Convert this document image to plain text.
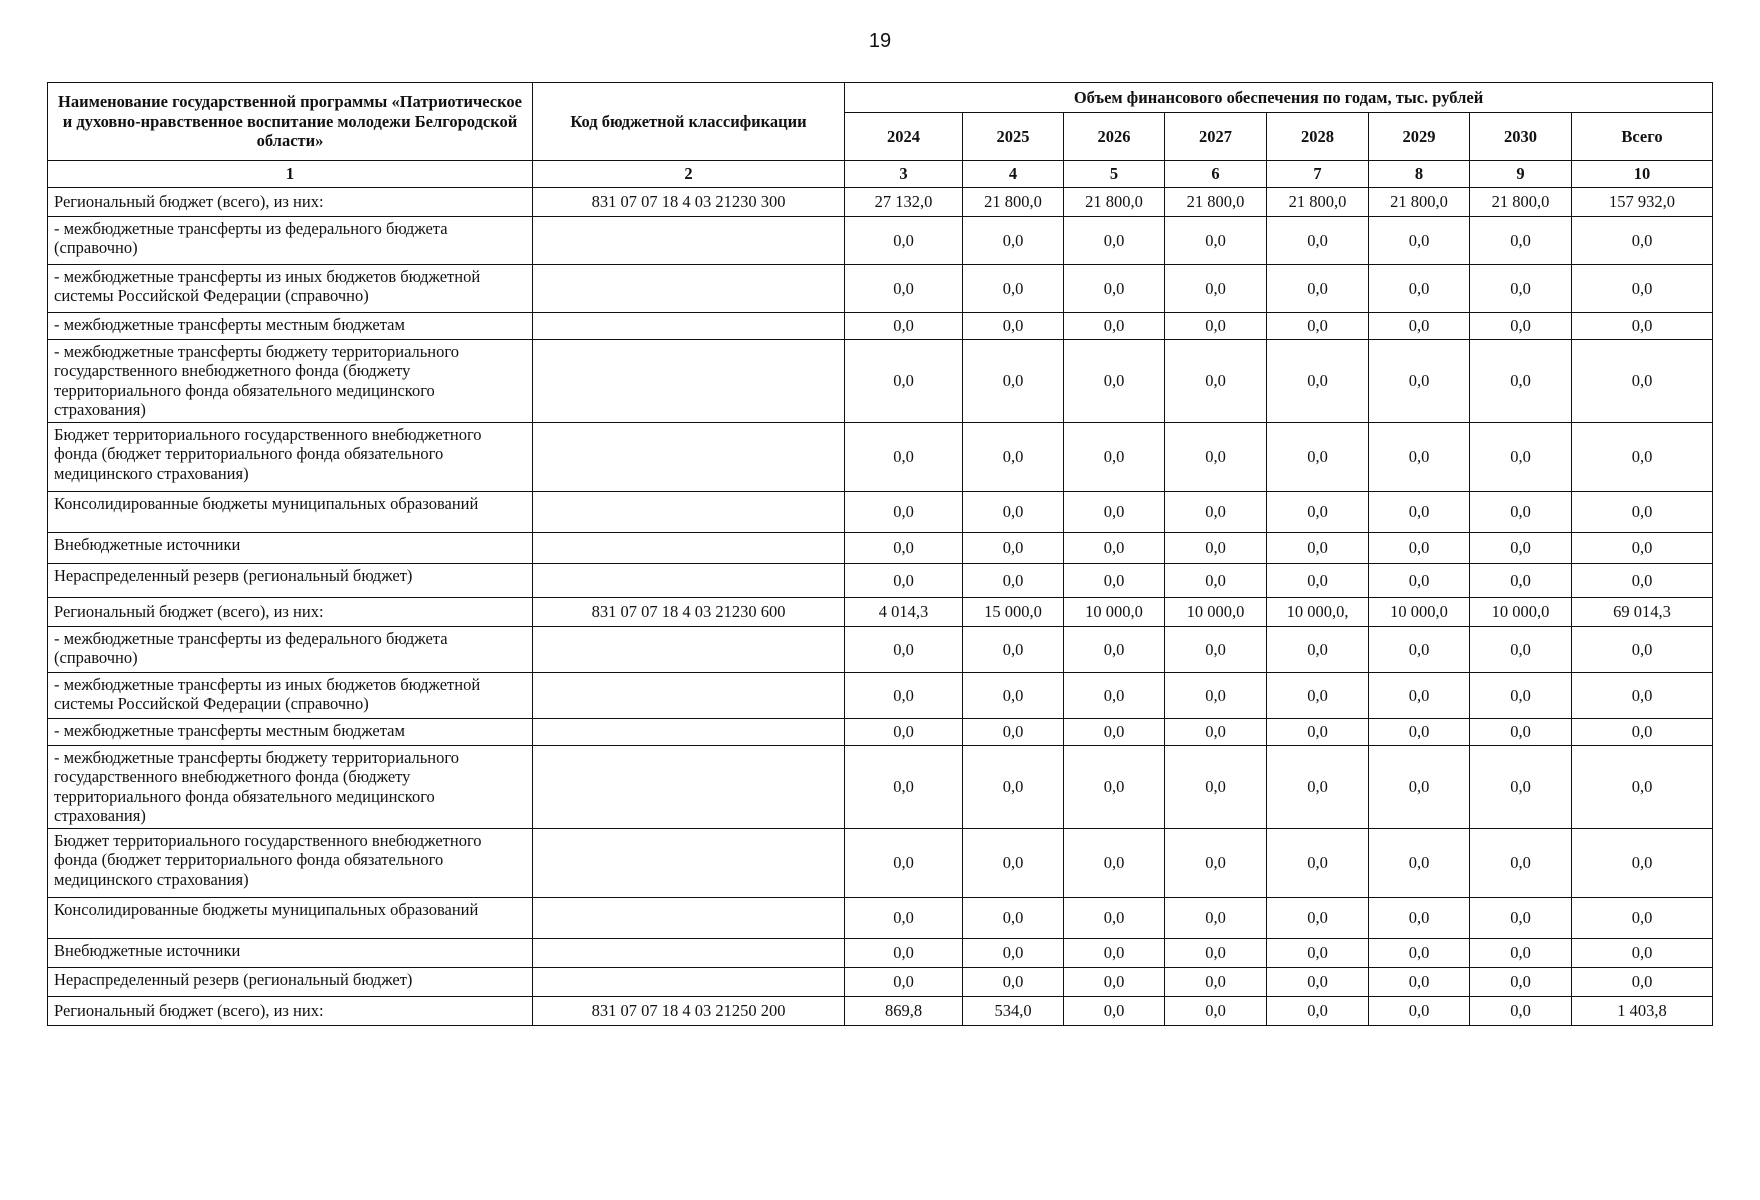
19
Наименование государственной программы «Патриотическое и духовно-нравственное воспитание молодежи Белгородской области»	Код бюджетной классификации	Объем финансового обеспечения по годам, тыс. рублей							
		2024	2025	2026	2027	2028	2029	2030	Всего
1	2	3	4	5	6	7	8	9	10
Региональный бюджет (всего), из них:	831 07 07 18 4 03 21230 300	27 132,0	21 800,0	21 800,0	21 800,0	21 800,0	21 800,0	21 800,0	157 932,0
- межбюджетные трансферты из федерального бюджета (справочно)		0,0	0,0	0,0	0,0	0,0	0,0	0,0	0,0
- межбюджетные трансферты из иных бюджетов бюджетной системы Российской Федерации (справочно)		0,0	0,0	0,0	0,0	0,0	0,0	0,0	0,0
- межбюджетные трансферты местным бюджетам		0,0	0,0	0,0	0,0	0,0	0,0	0,0	0,0
- межбюджетные трансферты бюджету территориального государственного внебюджетного фонда (бюджету территориального фонда обязательного медицинского страхования)		0,0	0,0	0,0	0,0	0,0	0,0	0,0	0,0
Бюджет территориального государственного внебюджетного фонда (бюджет территориального фонда обязательного медицинского страхования)		0,0	0,0	0,0	0,0	0,0	0,0	0,0	0,0
Консолидированные бюджеты муниципальных образований		0,0	0,0	0,0	0,0	0,0	0,0	0,0	0,0
Внебюджетные источники		0,0	0,0	0,0	0,0	0,0	0,0	0,0	0,0
Нераспределенный резерв (региональный бюджет)		0,0	0,0	0,0	0,0	0,0	0,0	0,0	0,0
Региональный бюджет (всего), из них:	831 07 07 18 4 03 21230 600	4 014,3	15 000,0	10 000,0	10 000,0	10 000,0,	10 000,0	10 000,0	69 014,3
- межбюджетные трансферты из федерального бюджета (справочно)		0,0	0,0	0,0	0,0	0,0	0,0	0,0	0,0
- межбюджетные трансферты из иных бюджетов бюджетной системы Российской Федерации (справочно)		0,0	0,0	0,0	0,0	0,0	0,0	0,0	0,0
- межбюджетные трансферты местным бюджетам		0,0	0,0	0,0	0,0	0,0	0,0	0,0	0,0
- межбюджетные трансферты бюджету территориального государственного внебюджетного фонда (бюджету территориального фонда обязательного медицинского страхования)		0,0	0,0	0,0	0,0	0,0	0,0	0,0	0,0
Бюджет территориального государственного внебюджетного фонда (бюджет территориального фонда обязательного медицинского страхования)		0,0	0,0	0,0	0,0	0,0	0,0	0,0	0,0
Консолидированные бюджеты муниципальных образований		0,0	0,0	0,0	0,0	0,0	0,0	0,0	0,0
Внебюджетные источники		0,0	0,0	0,0	0,0	0,0	0,0	0,0	0,0
Нераспределенный резерв (региональный бюджет)		0,0	0,0	0,0	0,0	0,0	0,0	0,0	0,0
Региональный бюджет (всего), из них:	831 07 07 18 4 03 21250 200	869,8	534,0	0,0	0,0	0,0	0,0	0,0	1 403,8
